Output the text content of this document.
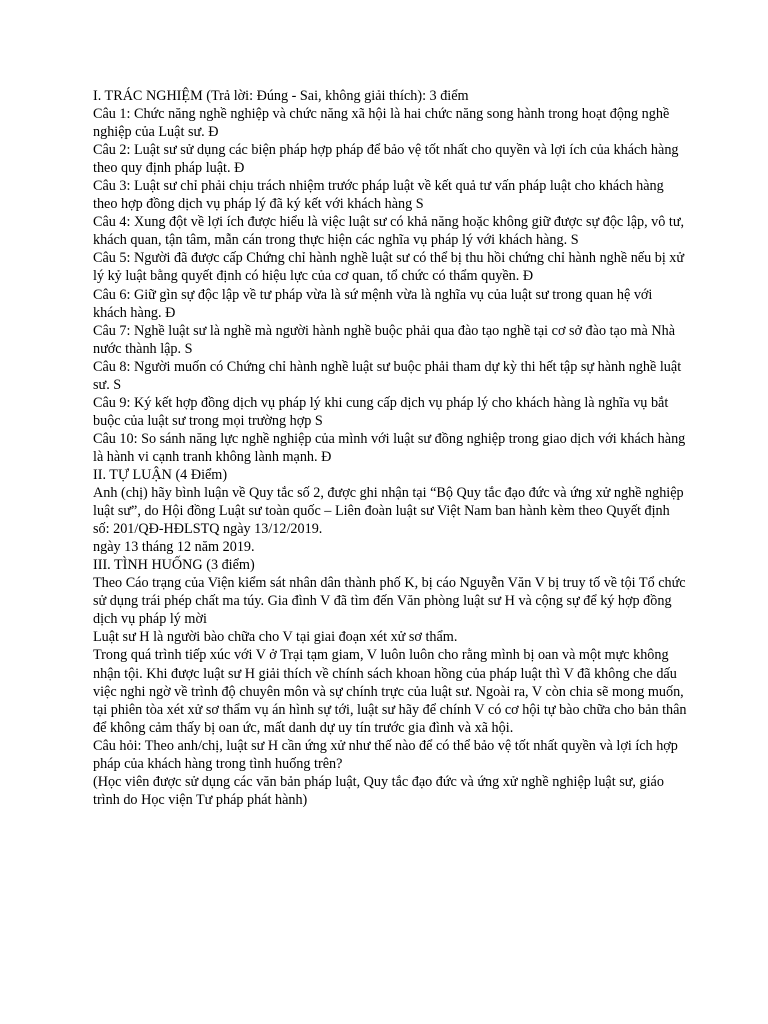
I. TRÁC NGHIỆM (Trả lời: Đúng - Sai, không giải thích): 3 điểm

Câu 1: Chức năng nghề nghiệp và chức năng xã hội là hai chức năng song hành trong hoạt động nghề nghiệp của Luật sư. Đ

Câu 2: Luật sư sử dụng các biện pháp hợp pháp để bảo vệ tốt nhất cho quyền và lợi ích của khách hàng theo quy định pháp luật. Đ

Câu 3: Luật sư chỉ phải chịu trách nhiệm trước pháp luật về kết quả tư vấn pháp luật cho khách hàng theo hợp đồng dịch vụ pháp lý đã ký kết với khách hàng S

Câu 4: Xung đột về lợi ích được hiểu là việc luật sư có khả năng hoặc không giữ được sự độc lập, vô tư, khách quan, tận tâm, mẫn cán trong thực hiện các nghĩa vụ pháp lý với khách hàng. S

Câu 5: Người đã được cấp Chứng chỉ hành nghề luật sư có thể bị thu hồi chứng chỉ hành nghề nếu bị xử lý kỷ luật bằng quyết định có hiệu lực của cơ quan, tổ chức có thẩm quyền. Đ

Câu 6: Giữ gìn sự độc lập về tư pháp vừa là sứ mệnh vừa là nghĩa vụ của luật sư trong quan hệ với khách hàng. Đ

Câu 7: Nghề luật sư là nghề mà người hành nghề buộc phải qua đào tạo nghề tại cơ sở đào tạo mà Nhà nước thành lập. S

Câu 8: Người muốn có Chứng chỉ hành nghề luật sư buộc phải tham dự kỳ thi hết tập sự hành nghề luật sư. S

Câu 9: Ký kết hợp đồng dịch vụ pháp lý khi cung cấp dịch vụ pháp lý cho khách hàng là nghĩa vụ bắt buộc của luật sư trong mọi trường hợp S

Câu 10: So sánh năng lực nghề nghiệp của mình với luật sư đồng nghiệp trong giao dịch với khách hàng là hành vi cạnh tranh không lành mạnh. Đ

II. TỰ LUẬN (4 Điểm)

Anh (chị) hãy bình luận về Quy tắc số 2, được ghi nhận tại “Bộ Quy tắc đạo đức và ứng xử nghề nghiệp luật sư”, do Hội đồng Luật sư toàn quốc – Liên đoàn luật sư Việt Nam ban hành kèm theo Quyết định số: 201/QĐ-HĐLSTQ ngày 13/12/2019.

ngày 13 tháng 12 năm 2019.

III. TÌNH HUỐNG (3 điểm)

Theo Cáo trạng của Viện kiểm sát nhân dân thành phố K, bị cáo Nguyễn Văn V bị truy tố về tội Tổ chức sử dụng trái phép chất ma túy. Gia đình V đã tìm đến Văn phòng luật sư H và cộng sự để ký hợp đồng dịch vụ pháp lý mời

Luật sư H là người bào chữa cho V tại giai đoạn xét xử sơ thẩm.

Trong quá trình tiếp xúc với V ở Trại tạm giam, V luôn luôn cho rằng mình bị oan và một mực không nhận tội. Khi được luật sư H giải thích về chính sách khoan hồng của pháp luật thì V đã không che dấu việc nghi ngờ về trình độ chuyên môn và sự chính trực của luật sư. Ngoài ra, V còn chia sẽ mong muốn, tại phiên tòa xét xử sơ thẩm vụ án hình sự tới, luật sư hãy để chính V có cơ hội tự bào chữa cho bản thân để không cảm thấy bị oan ức, mất danh dự uy tín trước gia đình và xã hội.

Câu hỏi: Theo anh/chị, luật sư H cần ứng xử như thế nào để có thể bảo vệ tốt nhất quyền và lợi ích hợp pháp của khách hàng trong tình huống trên?

(Học viên được sử dụng các văn bản pháp luật, Quy tắc đạo đức và ứng xử nghề nghiệp luật sư, giáo trình do Học viện Tư pháp phát hành)
